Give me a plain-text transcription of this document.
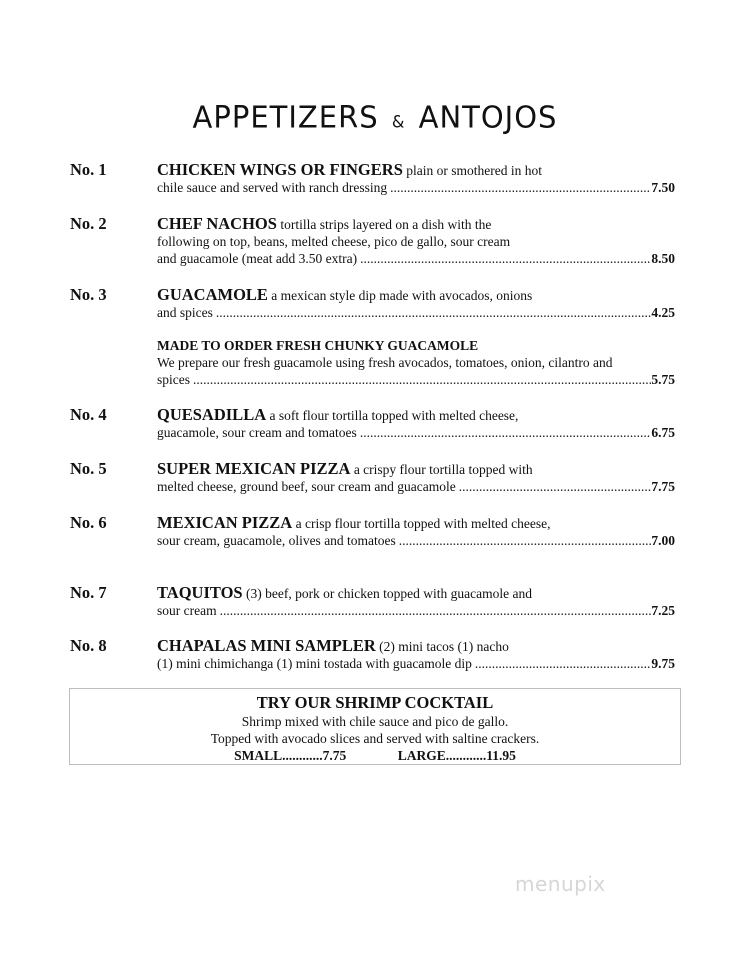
APPETIZERS & ANTOJOS
No. 1	CHICKEN WINGS OR FINGERS plain or smothered in hot
chile sauce and served with ranch dressing .....	7.50
No. 2	CHEF NACHOS tortilla strips layered on a dish with the
following on top, beans, melted cheese, pico de gallo, sour cream
and guacamole (meat add 3.50 extra) .....	8.50
No. 3	GUACAMOLE a mexican style dip made with avocados, onions
and spices .....	4.25
MADE TO ORDER FRESH CHUNKY GUACAMOLE
We prepare our fresh guacamole using fresh avocados, tomatoes, onion, cilantro and
spices .....	5.75
No. 4	QUESADILLA a soft flour tortilla topped with melted cheese,
guacamole, sour cream and tomatoes .....	6.75
No. 5	SUPER MEXICAN PIZZA a crispy flour tortilla topped with
melted cheese, ground beef, sour cream and guacamole .....	7.75
No. 6	MEXICAN PIZZA a crisp flour tortilla topped with melted cheese,
sour cream, guacamole, olives and tomatoes .....	7.00
No. 7	TAQUITOS (3) beef, pork or chicken topped with guacamole and
sour cream .....	7.25
No. 8	CHAPALAS MINI SAMPLER (2) mini tacos (1) nacho
(1) mini chimichanga (1) mini tostada with guacamole dip .....	9.75
TRY OUR SHRIMP COCKTAIL
Shrimp mixed with chile sauce and pico de gallo.
Topped with avocado slices and served with saltine crackers.
SMALL............7.75	LARGE............11.95
menupix
